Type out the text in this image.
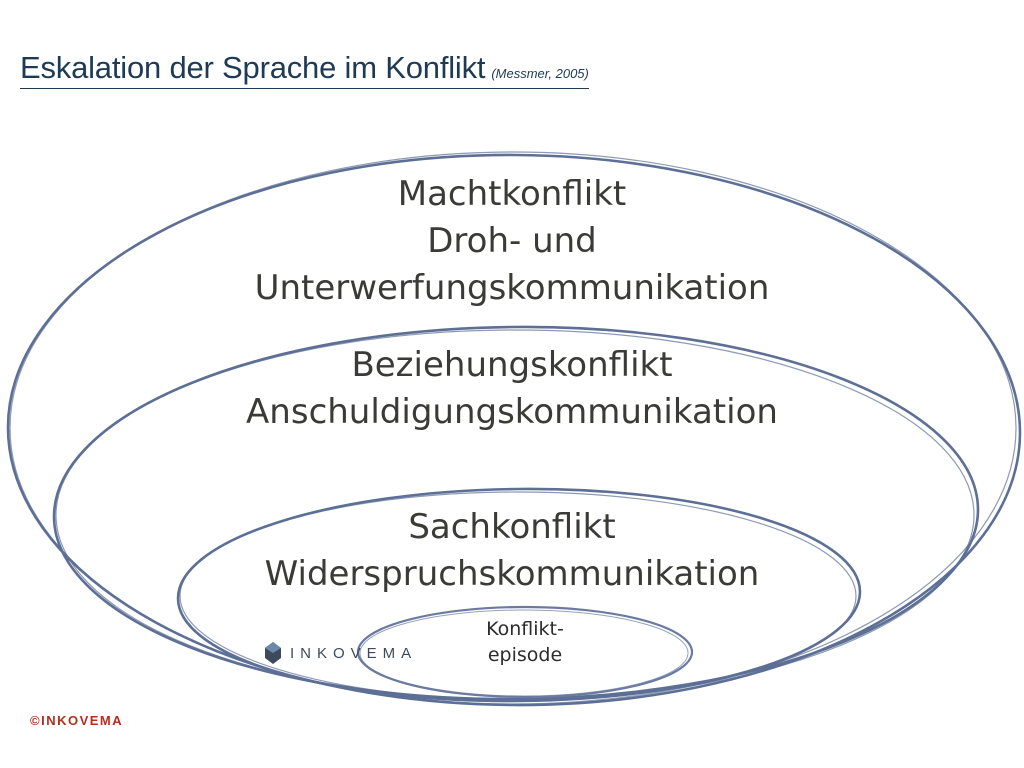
Eskalation der Sprache im Konflikt (Messmer, 2005)
Machtkonflikt
Droh- und
Unterwerfungskommunikation
Beziehungskonflikt
Anschuldigungskommunikation
Sachkonflikt
Widerspruchskommunikation
Konflikt-
episode
INKOVEMA
©INKOVEMA
